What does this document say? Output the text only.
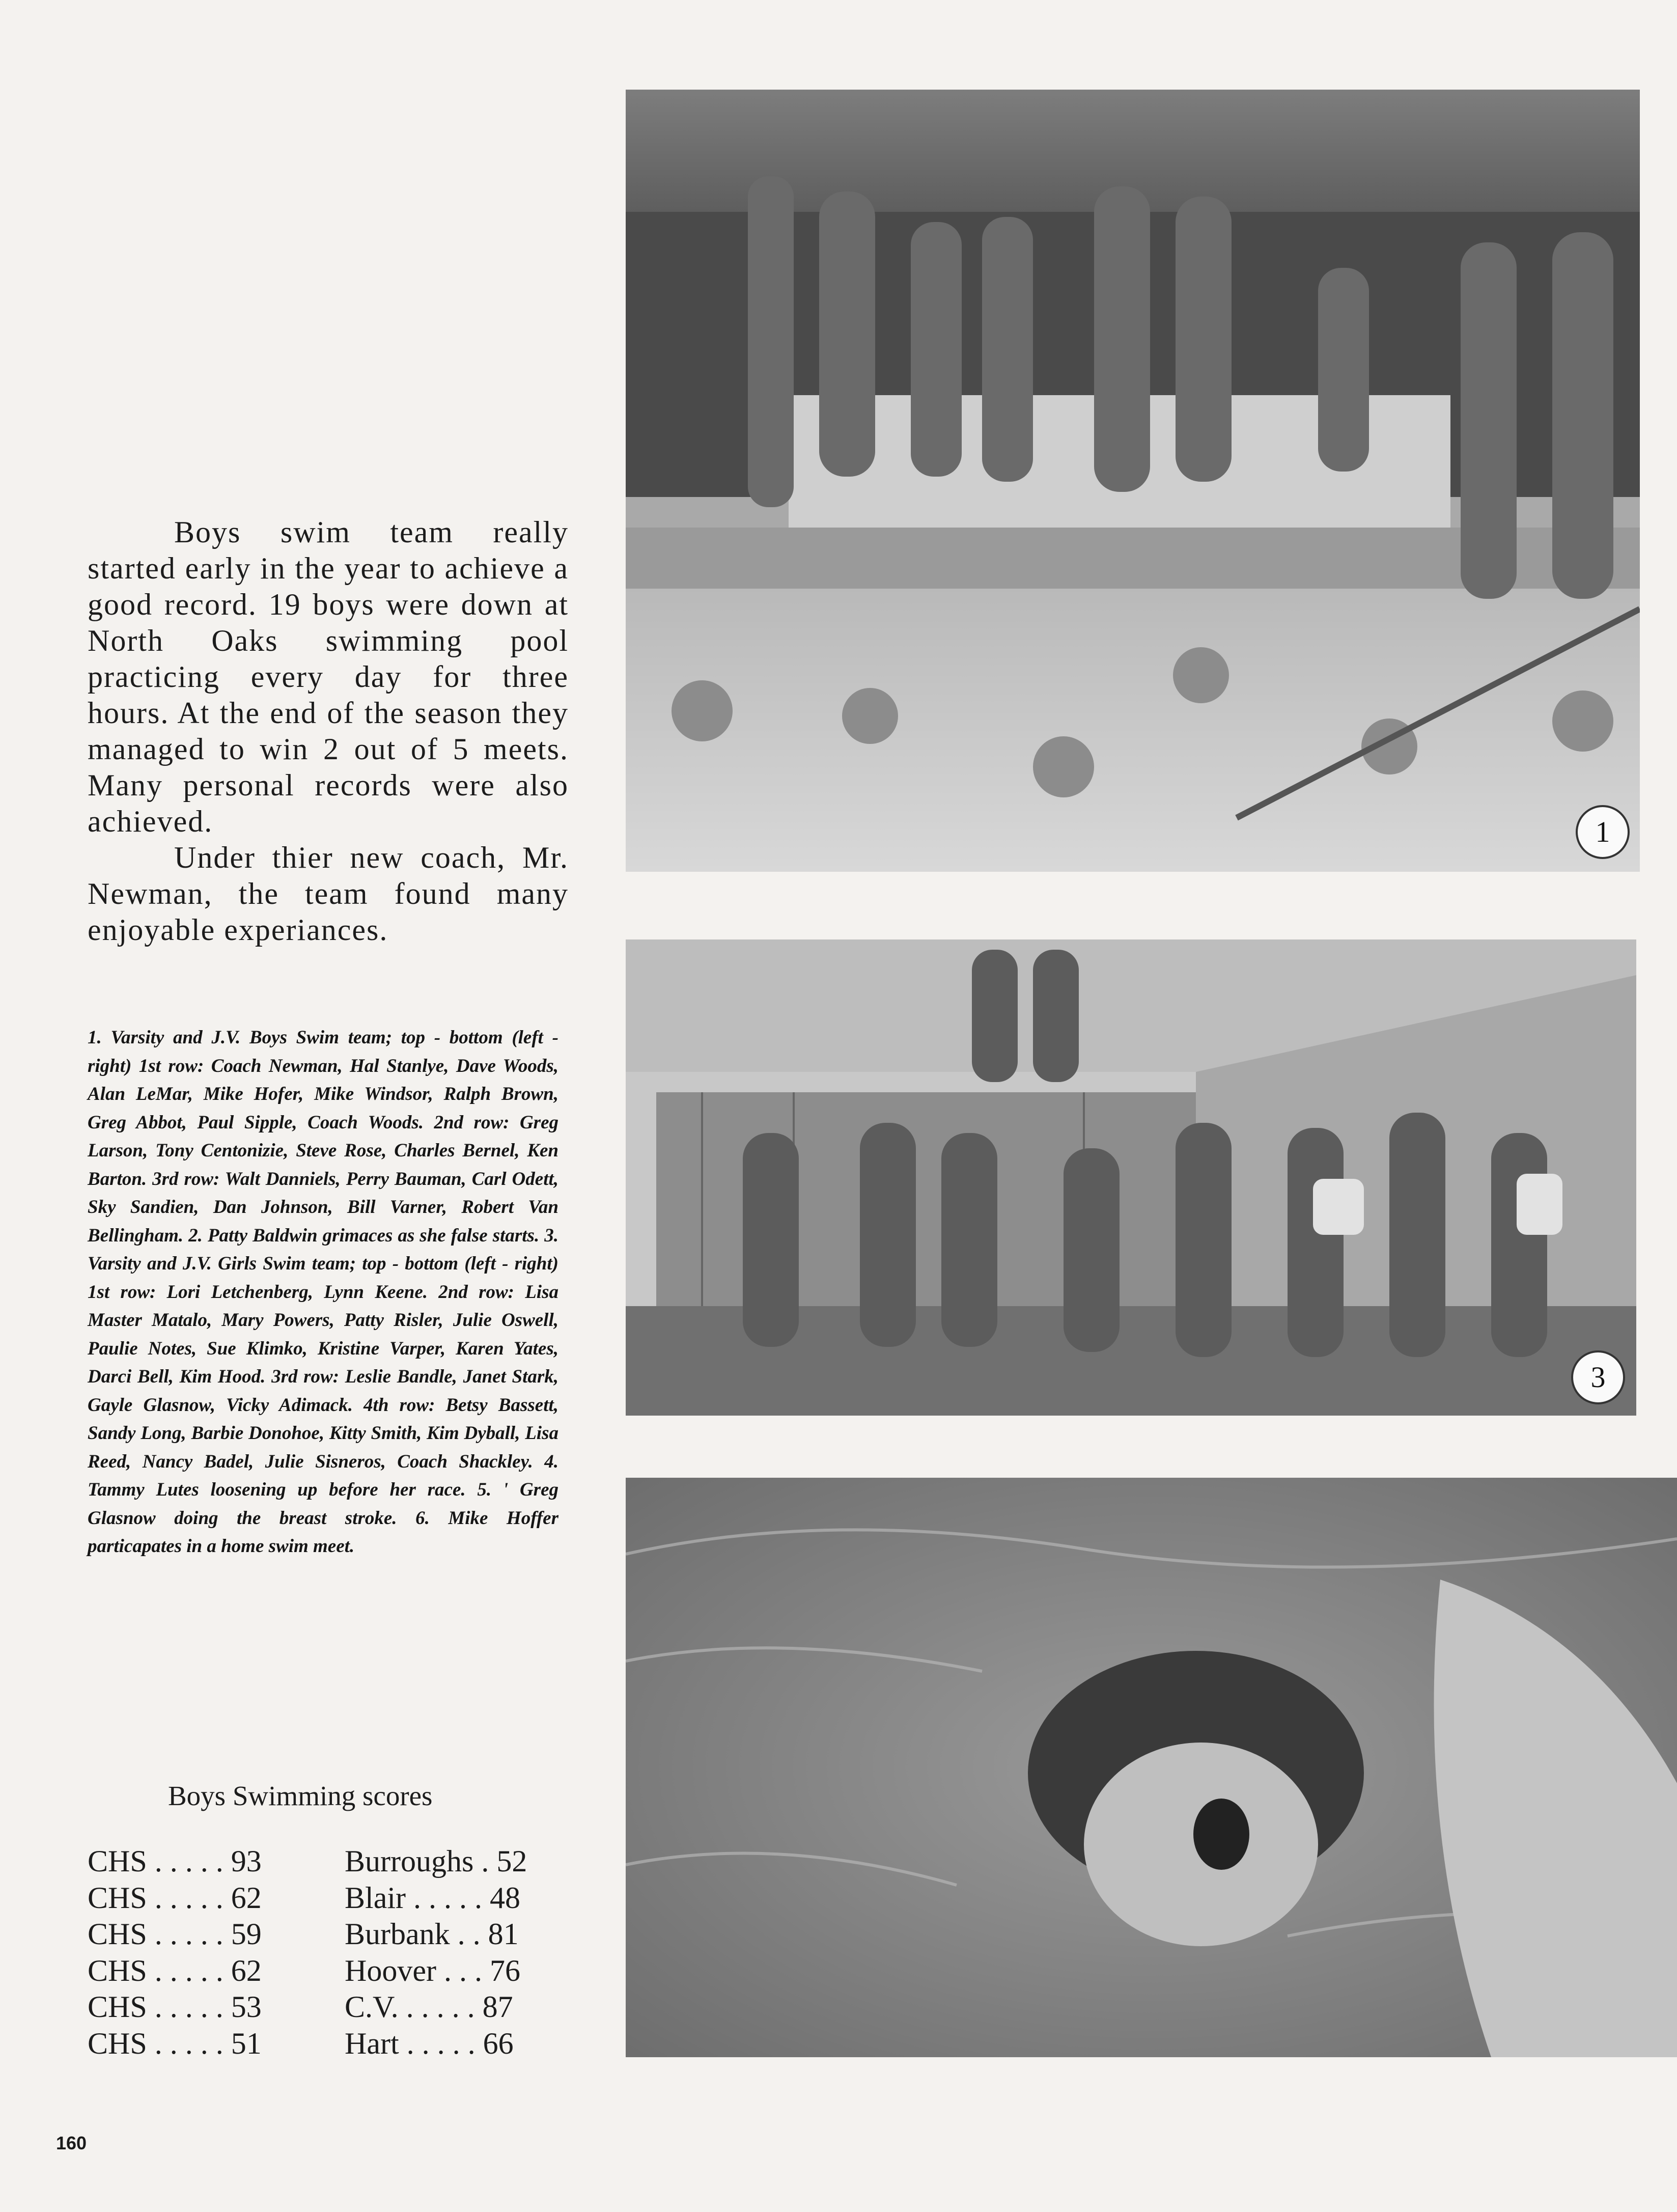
Boys swim team really started early in the year to achieve a good record. 19 boys were down at North Oaks swimming pool practicing every day for three hours. At the end of the season they managed to win 2 out of 5 meets. Many personal records were also achieved.

Under thier new coach, Mr. Newman, the team found many enjoyable experiances.

1. Varsity and J.V. Boys Swim team; top - bottom (left - right) 1st row: Coach Newman, Hal Stanlye, Dave Woods, Alan LeMar, Mike Hofer, Mike Windsor, Ralph Brown, Greg Abbot, Paul Sipple, Coach Woods. 2nd row: Greg Larson, Tony Centonizie, Steve Rose, Charles Bernel, Ken Barton. 3rd row: Walt Danniels, Perry Bauman, Carl Odett, Sky Sandien, Dan Johnson, Bill Varner, Robert Van Bellingham. 2. Patty Baldwin grimaces as she false starts. 3. Varsity and J.V. Girls Swim team; top - bottom (left - right) 1st row: Lori Letchenberg, Lynn Keene. 2nd row: Lisa Master Matalo, Mary Powers, Patty Risler, Julie Oswell, Paulie Notes, Sue Klimko, Kristine Varper, Karen Yates, Darci Bell, Kim Hood. 3rd row: Leslie Bandle, Janet Stark, Gayle Glasnow, Vicky Adimack. 4th row: Betsy Bassett, Sandy Long, Barbie Donohoe, Kitty Smith, Kim Dyball, Lisa Reed, Nancy Badel, Julie Sisneros, Coach Shackley. 4. Tammy Lutes loosening up before her race. 5. ' Greg Glasnow doing the breast stroke. 6. Mike Hoffer particapates in a home swim meet.
Boys Swimming scores
CHS . . . . . 93	Burroughs . 52
CHS . . . . . 62	Blair . . . . . 48
CHS . . . . . 59	Burbank . . 81
CHS . . . . . 62	Hoover . . . 76
CHS . . . . . 53	C.V. . . . . . 87
CHS . . . . . 51	Hart . . . . . 66
160
1
3
